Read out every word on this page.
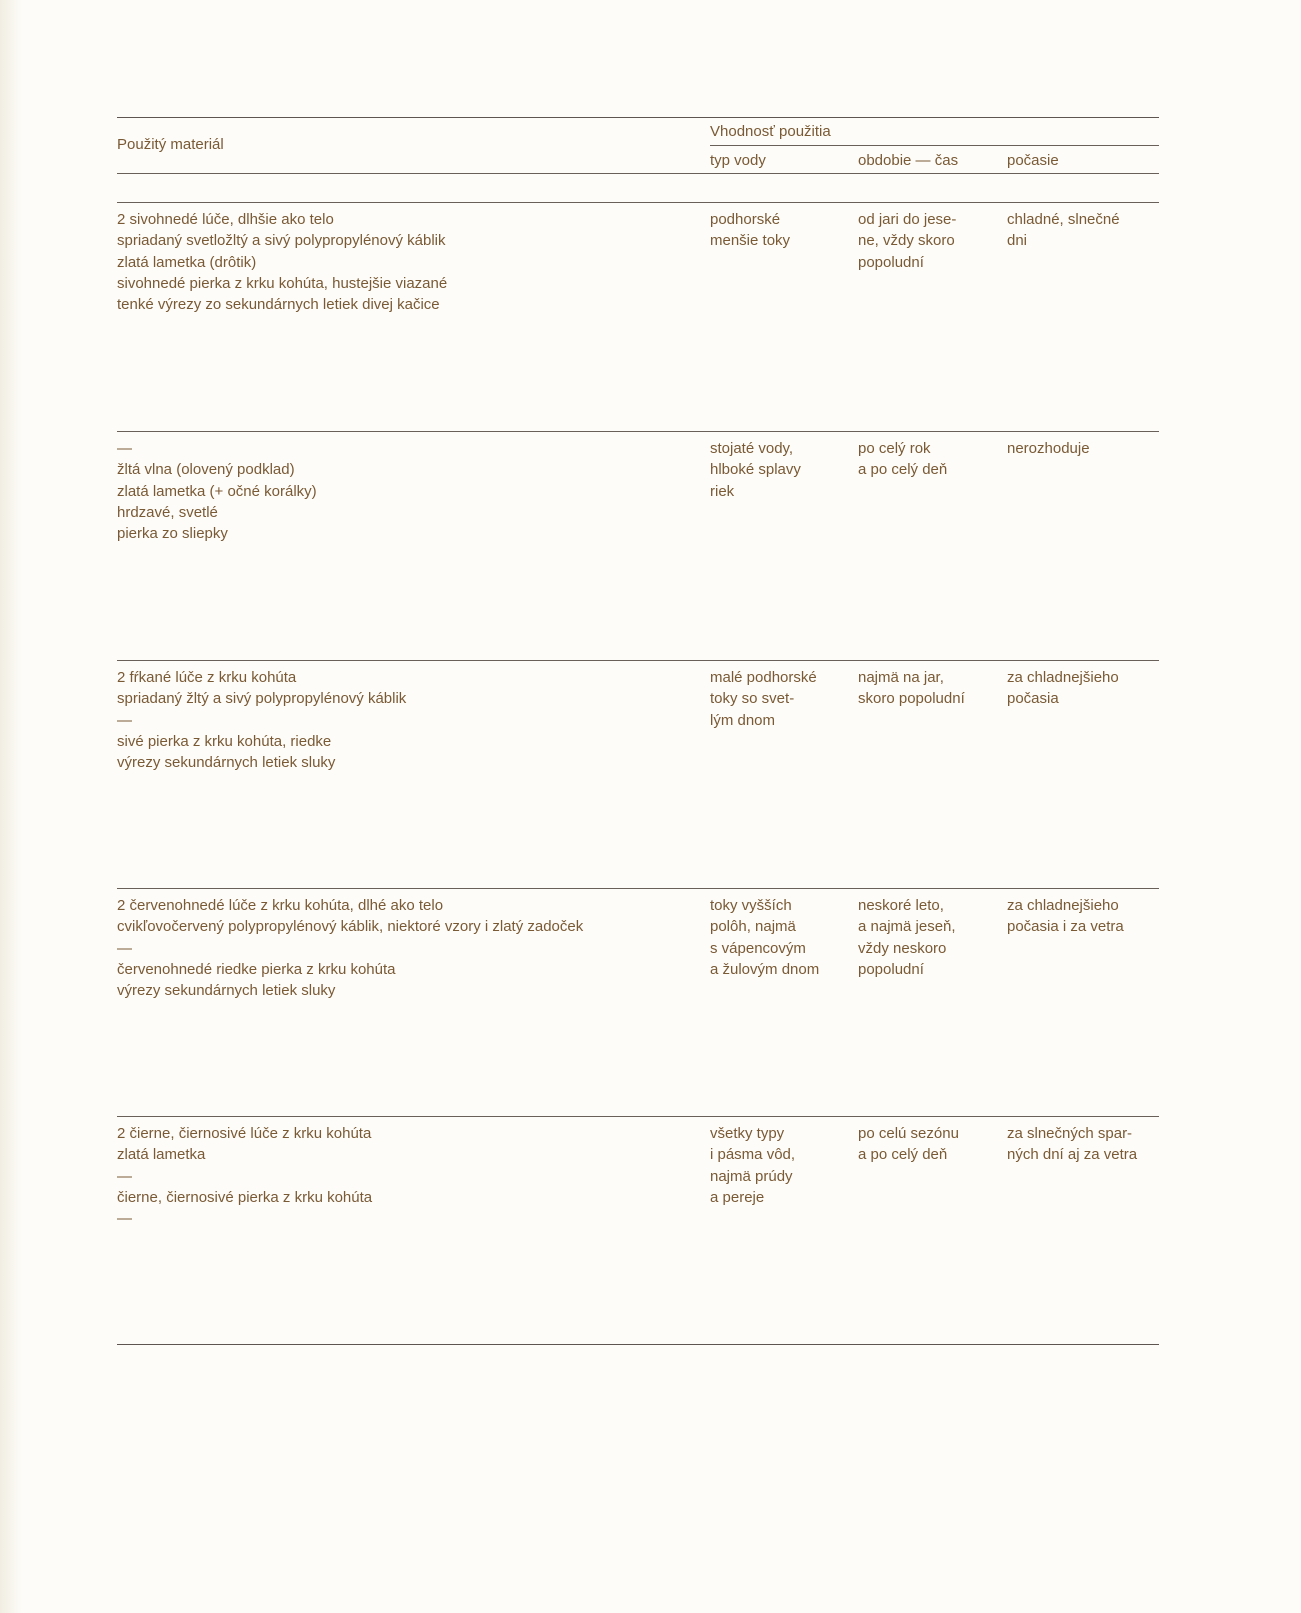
Použitý materiál
Vhodnosť použitia
typ vody	obdobie — čas	počasie
2 sivohnedé lúče, dlhšie ako telo
spriadaný svetložltý a sivý polypropylénový káblik
zlatá lametka (drôtik)
sivohnedé pierka z krku kohúta, hustejšie viazané
tenké výrezy zo sekundárnych letiek divej kačice
podhorské
menšie toky
od jari do jese-
ne, vždy skoro
popoludní
chladné, slnečné
dni
—
žltá vlna (olovený podklad)
zlatá lametka (+ očné korálky)
hrdzavé, svetlé
pierka zo sliepky
stojaté vody,
hlboké splavy
riek
po celý rok
a po celý deň
nerozhoduje
2 fŕkané lúče z krku kohúta
spriadaný žltý a sivý polypropylénový káblik
—
sivé pierka z krku kohúta, riedke
výrezy sekundárnych letiek sluky
malé podhorské
toky so svet-
lým dnom
najmä na jar,
skoro popoludní
za chladnejšieho
počasia
2 červenohnedé lúče z krku kohúta, dlhé ako telo
cvikľovočervený polypropylénový káblik, niektoré vzory i zlatý zadoček
—
červenohnedé riedke pierka z krku kohúta
výrezy sekundárnych letiek sluky
toky vyšších
polôh, najmä
s vápencovým
a žulovým dnom
neskoré leto,
a najmä jeseň,
vždy neskoro
popoludní
za chladnejšieho
počasia i za vetra
2 čierne, čiernosivé lúče z krku kohúta
zlatá lametka
—
čierne, čiernosivé pierka z krku kohúta
—
všetky typy
i pásma vôd,
najmä prúdy
a pereje
po celú sezónu
a po celý deň
za slnečných spar-
ných dní aj za vetra
